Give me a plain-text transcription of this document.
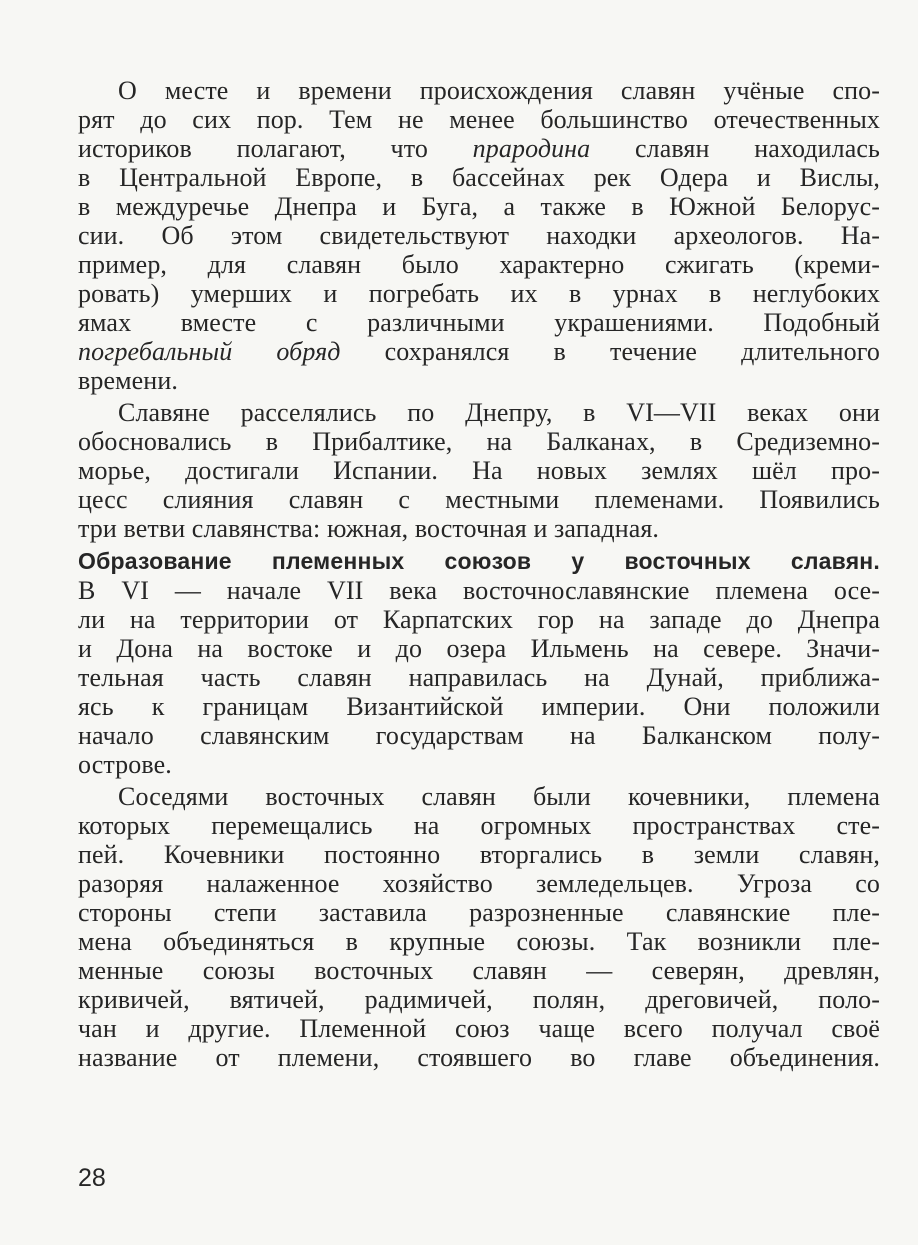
О месте и времени происхождения славян учёные спо-
рят до сих пор. Тем не менее большинство отечественных
историков полагают, что прародина славян находилась
в Центральной Европе, в бассейнах рек Одера и Вислы,
в междуречье Днепра и Буга, а также в Южной Белорус-
сии. Об этом свидетельствуют находки археологов. На-
пример, для славян было характерно сжигать (креми-
ровать) умерших и погребать их в урнах в неглубоких
ямах вместе с различными украшениями. Подобный
погребальный обряд сохранялся в течение длительного
времени.

Славяне расселялись по Днепру, в VI—VII веках они
обосновались в Прибалтике, на Балканах, в Средиземно-
морье, достигали Испании. На новых землях шёл про-
цесс слияния славян с местными племенами. Появились
три ветви славянства: южная, восточная и западная.

Образование племенных союзов у восточных славян.
В VI — начале VII века восточнославянские племена осе-
ли на территории от Карпатских гор на западе до Днепра
и Дона на востоке и до озера Ильмень на севере. Значи-
тельная часть славян направилась на Дунай, приближа-
ясь к границам Византийской империи. Они положили
начало славянским государствам на Балканском полу-
острове.

Соседями восточных славян были кочевники, племена
которых перемещались на огромных пространствах сте-
пей. Кочевники постоянно вторгались в земли славян,
разоряя налаженное хозяйство земледельцев. Угроза со
стороны степи заставила разрозненные славянские пле-
мена объединяться в крупные союзы. Так возникли пле-
менные союзы восточных славян — северян, древлян,
кривичей, вятичей, радимичей, полян, дреговичей, поло-
чан и другие. Племенной союз чаще всего получал своё
название от племени, стоявшего во главе объединения.

28
